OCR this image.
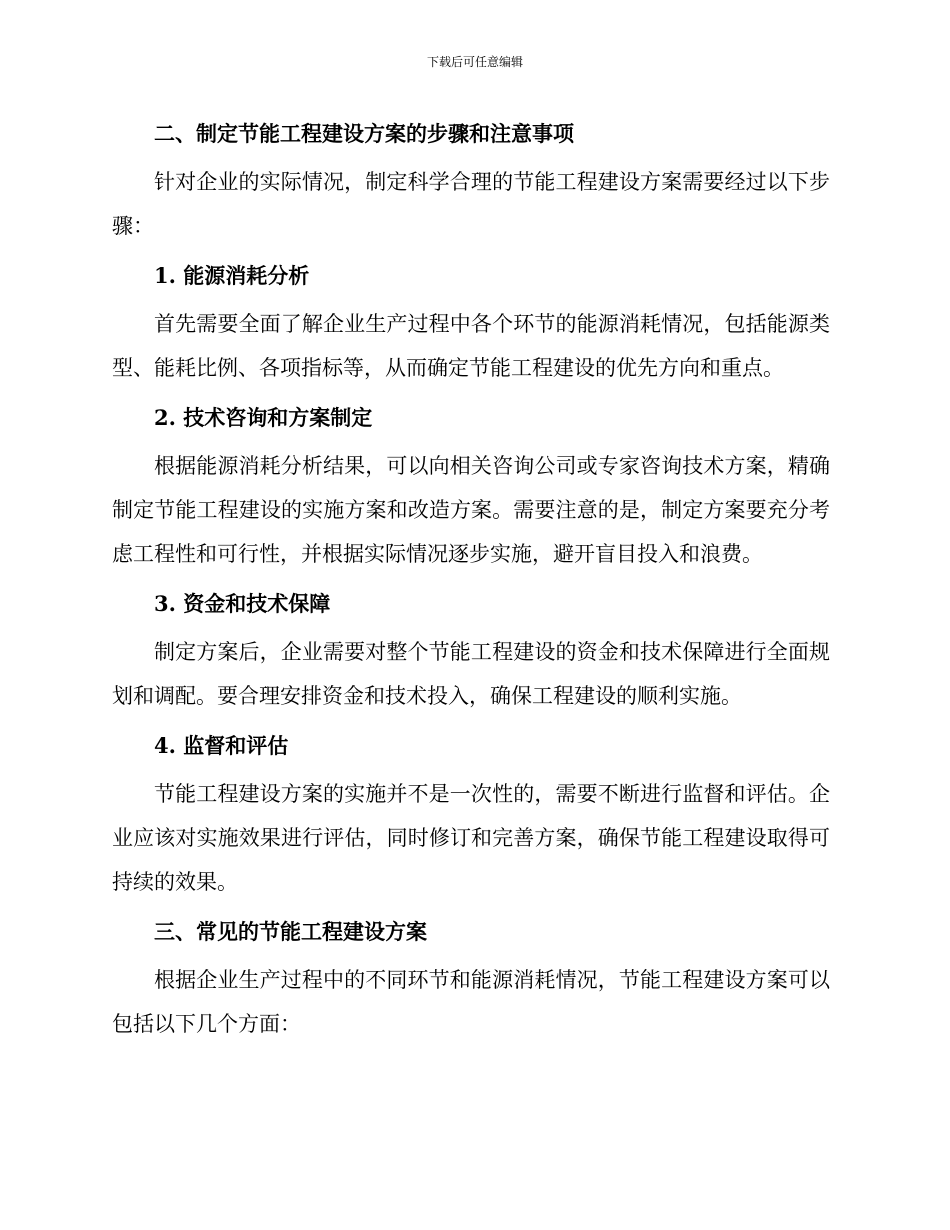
下载后可任意编辑

二、制定节能工程建设方案的步骤和注意事项

针对企业的实际情况，制定科学合理的节能工程建设方案需要经过以下步骤：

1. 能源消耗分析

首先需要全面了解企业生产过程中各个环节的能源消耗情况，包括能源类型、能耗比例、各项指标等，从而确定节能工程建设的优先方向和重点。

2. 技术咨询和方案制定

根据能源消耗分析结果，可以向相关咨询公司或专家咨询技术方案，精确制定节能工程建设的实施方案和改造方案。需要注意的是，制定方案要充分考虑工程性和可行性，并根据实际情况逐步实施，避开盲目投入和浪费。

3. 资金和技术保障

制定方案后，企业需要对整个节能工程建设的资金和技术保障进行全面规划和调配。要合理安排资金和技术投入，确保工程建设的顺利实施。

4. 监督和评估

节能工程建设方案的实施并不是一次性的，需要不断进行监督和评估。企业应该对实施效果进行评估，同时修订和完善方案，确保节能工程建设取得可持续的效果。

三、常见的节能工程建设方案

根据企业生产过程中的不同环节和能源消耗情况，节能工程建设方案可以包括以下几个方面：
